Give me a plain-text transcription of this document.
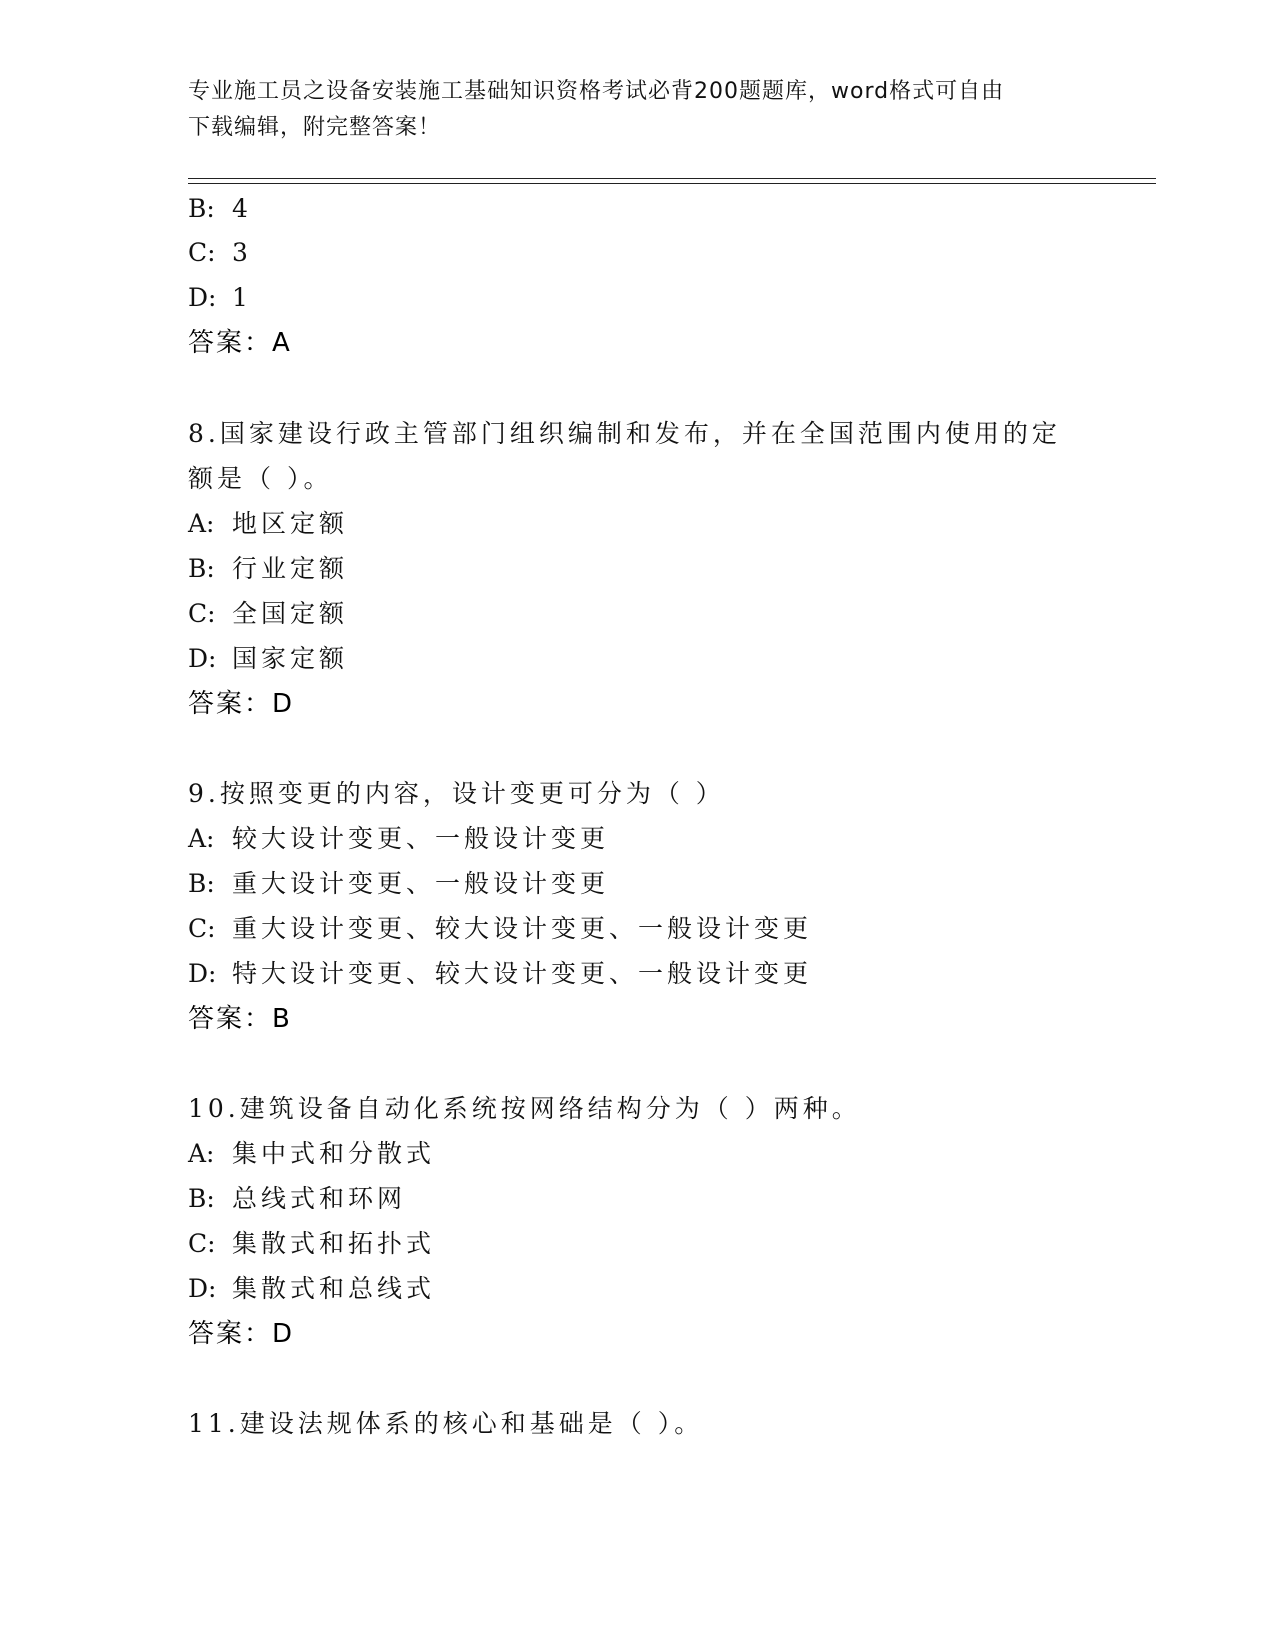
专业施工员之设备安装施工基础知识资格考试必背200题题库，word格式可自由
下载编辑，附完整答案！
B: 4
C: 3
D: 1
答案：A
8.国家建设行政主管部门组织编制和发布，并在全国范围内使用的定
额是（ ）。
A: 地区定额
B: 行业定额
C: 全国定额
D: 国家定额
答案：D
9.按照变更的内容，设计变更可分为（ ）
A: 较大设计变更、一般设计变更
B: 重大设计变更、一般设计变更
C: 重大设计变更、较大设计变更、一般设计变更
D: 特大设计变更、较大设计变更、一般设计变更
答案：B
10.建筑设备自动化系统按网络结构分为（ ）两种。
A: 集中式和分散式
B: 总线式和环网
C: 集散式和拓扑式
D: 集散式和总线式
答案：D
11.建设法规体系的核心和基础是（ ）。
